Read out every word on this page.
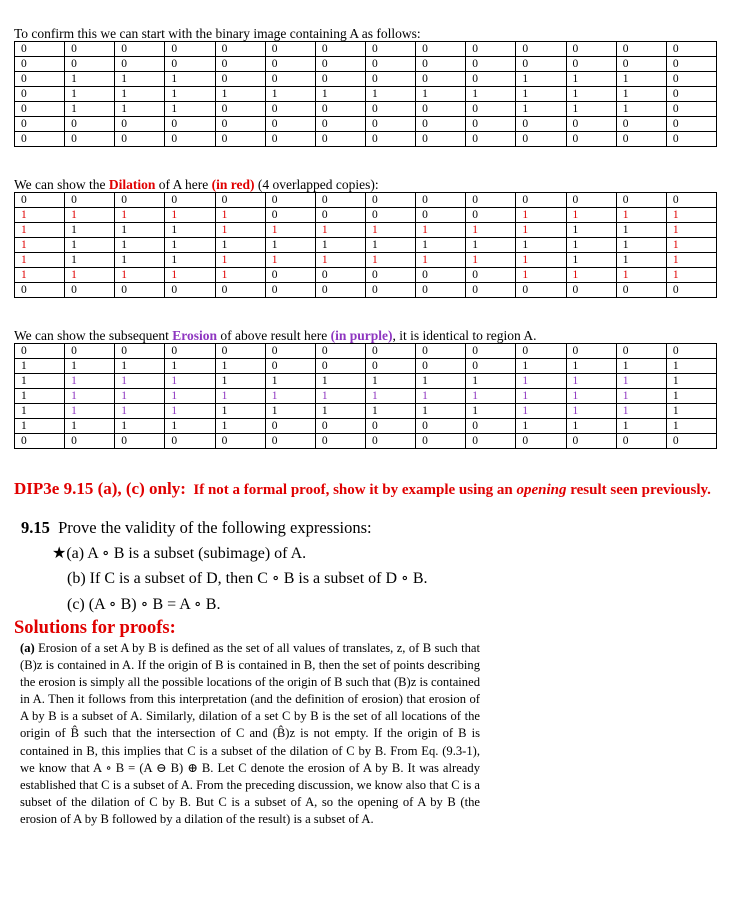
To confirm this we can start with the binary image containing A as follows:
0	0	0	0	0	0	0	0	0	0	0	0	0	0
0	0	0	0	0	0	0	0	0	0	0	0	0	0
0	1	1	1	0	0	0	0	0	0	1	1	1	0
0	1	1	1	1	1	1	1	1	1	1	1	1	0
0	1	1	1	0	0	0	0	0	0	1	1	1	0
0	0	0	0	0	0	0	0	0	0	0	0	0	0
0	0	0	0	0	0	0	0	0	0	0	0	0	0
We can show the Dilation of A here (in red) (4 overlapped copies):
0	0	0	0	0	0	0	0	0	0	0	0	0	0
1	1	1	1	1	0	0	0	0	0	1	1	1	1
1	1	1	1	1	1	1	1	1	1	1	1	1	1
1	1	1	1	1	1	1	1	1	1	1	1	1	1
1	1	1	1	1	1	1	1	1	1	1	1	1	1
1	1	1	1	1	0	0	0	0	0	1	1	1	1
0	0	0	0	0	0	0	0	0	0	0	0	0	0
We can show the subsequent Erosion of above result here (in purple), it is identical to region A.
0	0	0	0	0	0	0	0	0	0	0	0	0	0
1	1	1	1	1	0	0	0	0	0	1	1	1	1
1	1	1	1	1	1	1	1	1	1	1	1	1	1
1	1	1	1	1	1	1	1	1	1	1	1	1	1
1	1	1	1	1	1	1	1	1	1	1	1	1	1
1	1	1	1	1	0	0	0	0	0	1	1	1	1
0	0	0	0	0	0	0	0	0	0	0	0	0	0
DIP3e 9.15 (a), (c) only: If not a formal proof, show it by example using an opening result seen previously.
9.15 Prove the validity of the following expressions:
★(a) A ∘ B is a subset (subimage) of A.
(b) If C is a subset of D, then C ∘ B is a subset of D ∘ B.
(c) (A ∘ B) ∘ B = A ∘ B.
Solutions for proofs:
(a) Erosion of a set A by B is defined as the set of all values of translates, z, of B such that (B)z is contained in A. If the origin of B is contained in B, then the set of points describing the erosion is simply all the possible locations of the origin of B such that (B)z is contained in A. Then it follows from this interpretation (and the definition of erosion) that erosion of A by B is a subset of A. Similarly, dilation of a set C by B is the set of all locations of the origin of B̂ such that the intersection of C and (B̂)z is not empty. If the origin of B is contained in B, this implies that C is a subset of the dilation of C by B. From Eq. (9.3-1), we know that A ∘ B = (A ⊖ B) ⊕ B. Let C denote the erosion of A by B. It was already established that C is a subset of A. From the preceding discussion, we know also that C is a subset of the dilation of C by B. But C is a subset of A, so the opening of A by B (the erosion of A by B followed by a dilation of the result) is a subset of A.
